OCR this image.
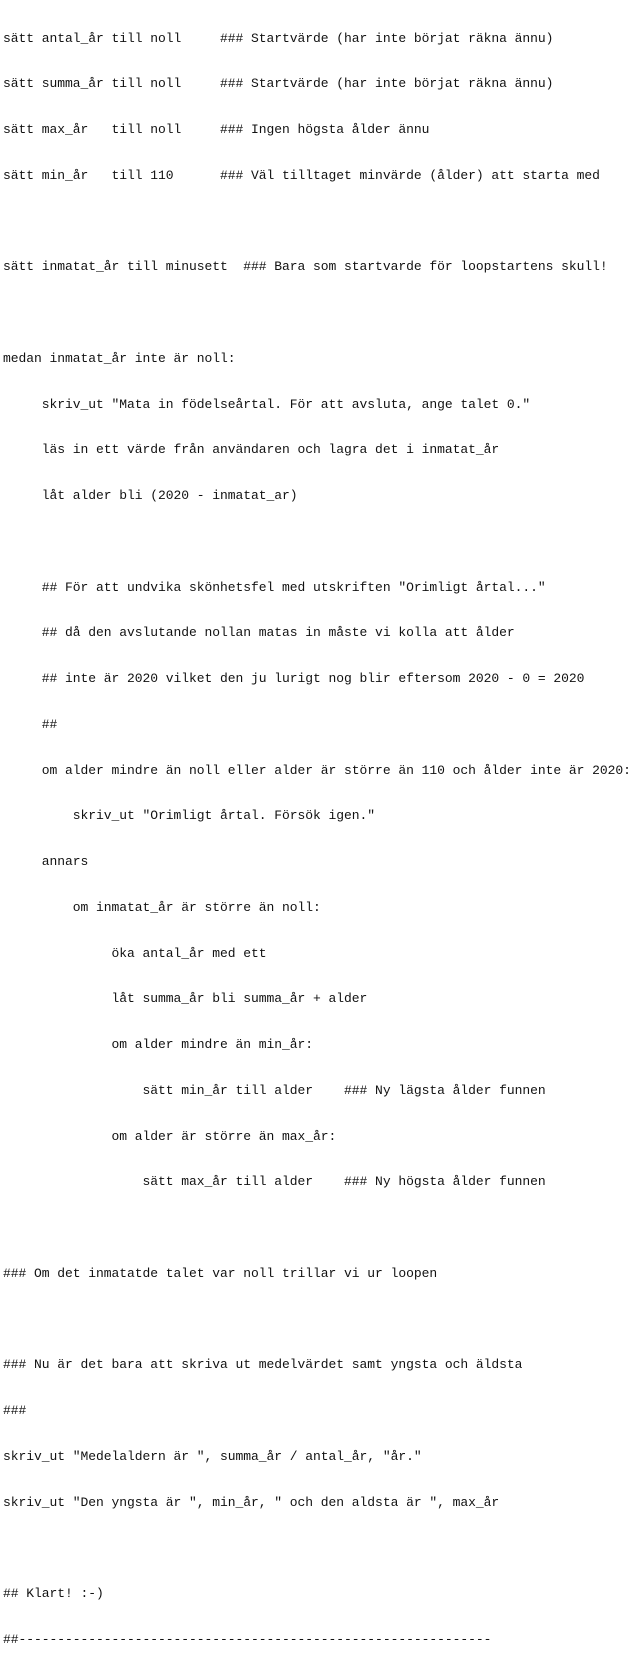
sätt antal_år till noll     ### Startvärde (har inte börjat räkna ännu)

sätt summa_år till noll     ### Startvärde (har inte börjat räkna ännu)

sätt max_år   till noll     ### Ingen högsta ålder ännu

sätt min_år   till 110      ### Väl tilltaget minvärde (ålder) att starta med

sätt inmatat_år till minusett  ### Bara som startvarde för loopstartens skull!

medan inmatat_år inte är noll:

skriv_ut "Mata in födelseårtal. För att avsluta, ange talet 0."

läs in ett värde från användaren och lagra det i inmatat_år

låt alder bli (2020 - inmatat_ar)

## För att undvika skönhetsfel med utskriften "Orimligt årtal..."

## då den avslutande nollan matas in måste vi kolla att ålder

## inte är 2020 vilket den ju lurigt nog blir eftersom 2020 - 0 = 2020

##

om alder mindre än noll eller alder är större än 110 och ålder inte är 2020:

skriv_ut "Orimligt årtal. Försök igen."

annars

om inmatat_år är större än noll:

öka antal_år med ett

låt summa_år bli summa_år + alder

om alder mindre än min_år:

sätt min_år till alder    ### Ny lägsta ålder funnen

om alder är större än max_år:

sätt max_år till alder    ### Ny högsta ålder funnen

### Om det inmatatde talet var noll trillar vi ur loopen

### Nu är det bara att skriva ut medelvärdet samt yngsta och äldsta

###

skriv_ut "Medelaldern är ", summa_år / antal_år, "år."

skriv_ut "Den yngsta är ", min_år, " och den aldsta är ", max_år

## Klart! :-)

##-------------------------------------------------------------
